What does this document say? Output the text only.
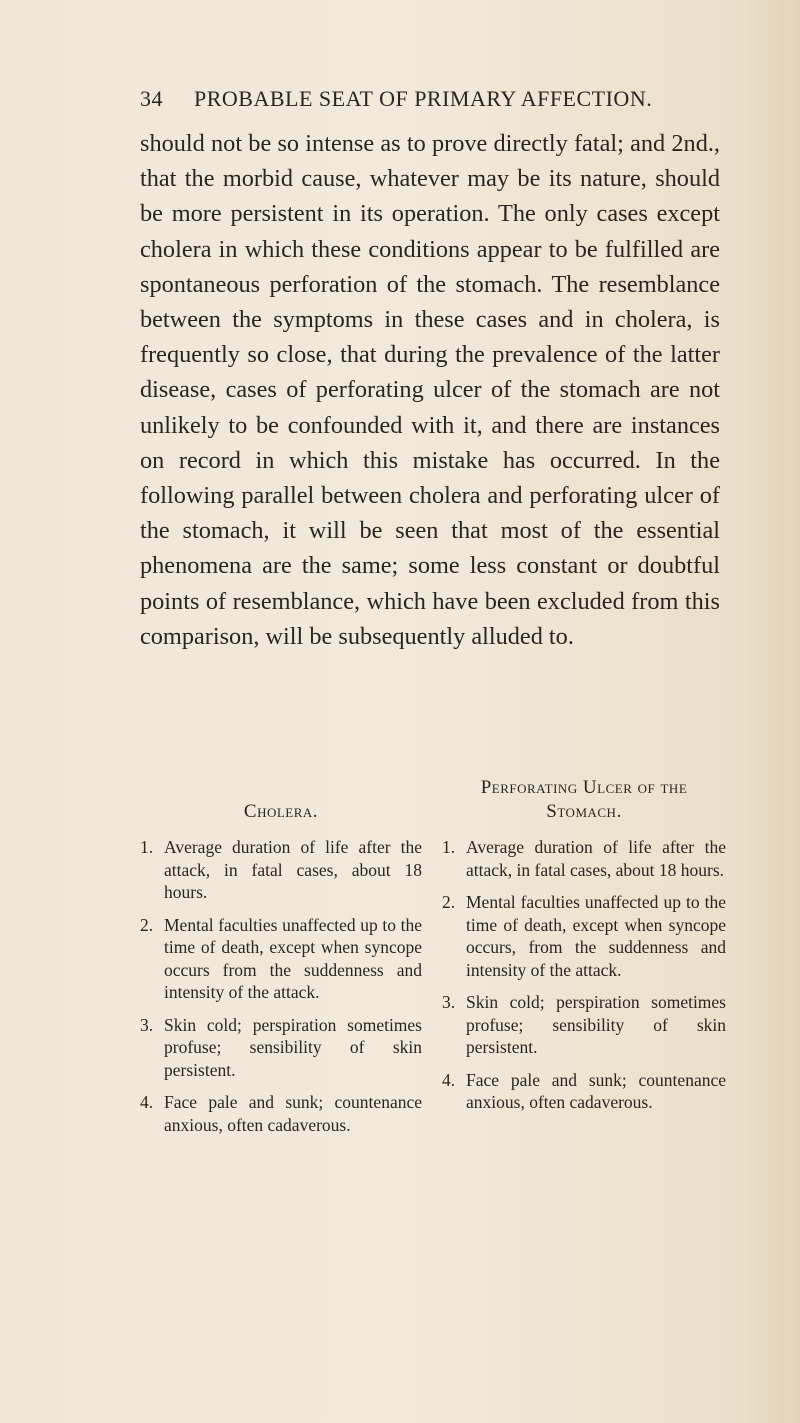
34 PROBABLE SEAT OF PRIMARY AFFECTION.

should not be so intense as to prove directly fatal; and 2nd., that the morbid cause, whatever may be its nature, should be more persistent in its operation. The only cases except cholera in which these conditions appear to be fulfilled are spontaneous perforation of the stomach. The resemblance between the symptoms in these cases and in cholera, is frequently so close, that during the prevalence of the latter disease, cases of perforating ulcer of the stomach are not unlikely to be confounded with it, and there are instances on record in which this mistake has occurred. In the following parallel between cholera and perforating ulcer of the stomach, it will be seen that most of the essential phenomena are the same; some less constant or doubtful points of resemblance, which have been excluded from this comparison, will be subsequently alluded to.

Cholera.
1. Average duration of life after the attack, in fatal cases, about 18 hours.
2. Mental faculties unaffected up to the time of death, except when syncope occurs from the suddenness and intensity of the attack.
3. Skin cold; perspiration sometimes profuse; sensibility of skin persistent.
4. Face pale and sunk; countenance anxious, often cadaverous.
Perforating Ulcer of the
Stomach.
1. Average duration of life after the attack, in fatal cases, about 18 hours.
2. Mental faculties unaffected up to the time of death, except when syncope occurs, from the suddenness and intensity of the attack.
3. Skin cold; perspiration sometimes profuse; sensibility of skin persistent.
4. Face pale and sunk; countenance anxious, often cadaverous.
